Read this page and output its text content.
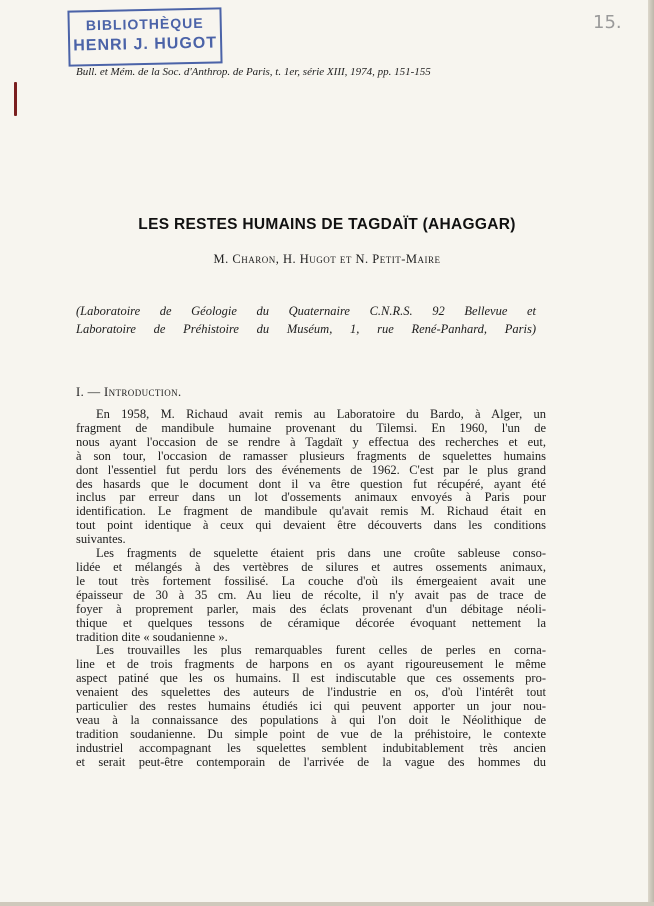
BIBLIOTHÈQUE
HENRI J. HUGOT
15.
Bull. et Mém. de la Soc. d'Anthrop. de Paris, t. 1er, série XIII, 1974, pp. 151-155
LES RESTES HUMAINS DE TAGDAÏT (AHAGGAR)
M. Charon, H. Hugot et N. Petit-Maire
(Laboratoire de Géologie du Quaternaire C.N.R.S. 92 Bellevue et
Laboratoire de Préhistoire du Muséum, 1, rue René-Panhard, Paris)
I. — Introduction.
En 1958, M. Richaud avait remis au Laboratoire du Bardo, à Alger, un
fragment de mandibule humaine provenant du Tilemsi. En 1960, l'un de
nous ayant l'occasion de se rendre à Tagdaït y effectua des recherches et eut,
à son tour, l'occasion de ramasser plusieurs fragments de squelettes humains
dont l'essentiel fut perdu lors des événements de 1962. C'est par le plus grand
des hasards que le document dont il va être question fut récupéré, ayant été
inclus par erreur dans un lot d'ossements animaux envoyés à Paris pour
identification. Le fragment de mandibule qu'avait remis M. Richaud était en
tout point identique à ceux qui devaient être découverts dans les conditions
suivantes.
Les fragments de squelette étaient pris dans une croûte sableuse conso-
lidée et mélangés à des vertèbres de silures et autres ossements animaux,
le tout très fortement fossilisé. La couche d'où ils émergeaient avait une
épaisseur de 30 à 35 cm. Au lieu de récolte, il n'y avait pas de trace de
foyer à proprement parler, mais des éclats provenant d'un débitage néoli-
thique et quelques tessons de céramique décorée évoquant nettement la
tradition dite « soudanienne ».
Les trouvailles les plus remarquables furent celles de perles en corna-
line et de trois fragments de harpons en os ayant rigoureusement le même
aspect patiné que les os humains. Il est indiscutable que ces ossements pro-
venaient des squelettes des auteurs de l'industrie en os, d'où l'intérêt tout
particulier des restes humains étudiés ici qui peuvent apporter un jour nou-
veau à la connaissance des populations à qui l'on doit le Néolithique de
tradition soudanienne. Du simple point de vue de la préhistoire, le contexte
industriel accompagnant les squelettes semblent indubitablement très ancien
et serait peut-être contemporain de l'arrivée de la vague des hommes du
